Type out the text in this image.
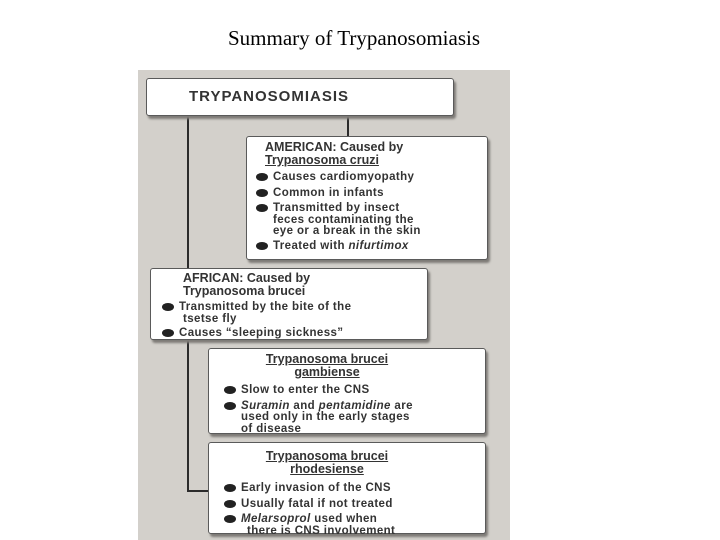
Summary of Trypanosomiasis
TRYPANOSOMIASIS
AMERICAN: Caused by
Trypanosoma cruzi
Causes cardiomyopathy
Common in infants
Transmitted by insect
feces contaminating the
eye or a break in the skin
Treated with nifurtimox
AFRICAN: Caused by
Trypanosoma brucei
Transmitted by the bite of the
tsetse fly
Causes “sleeping sickness”
Trypanosoma brucei
gambiense
Slow to enter the CNS
Suramin and pentamidine are
used only in the early stages
of disease
Trypanosoma brucei
rhodesiense
Early invasion of the CNS
Usually fatal if not treated
Melarsoprol used when
there is CNS involvement
